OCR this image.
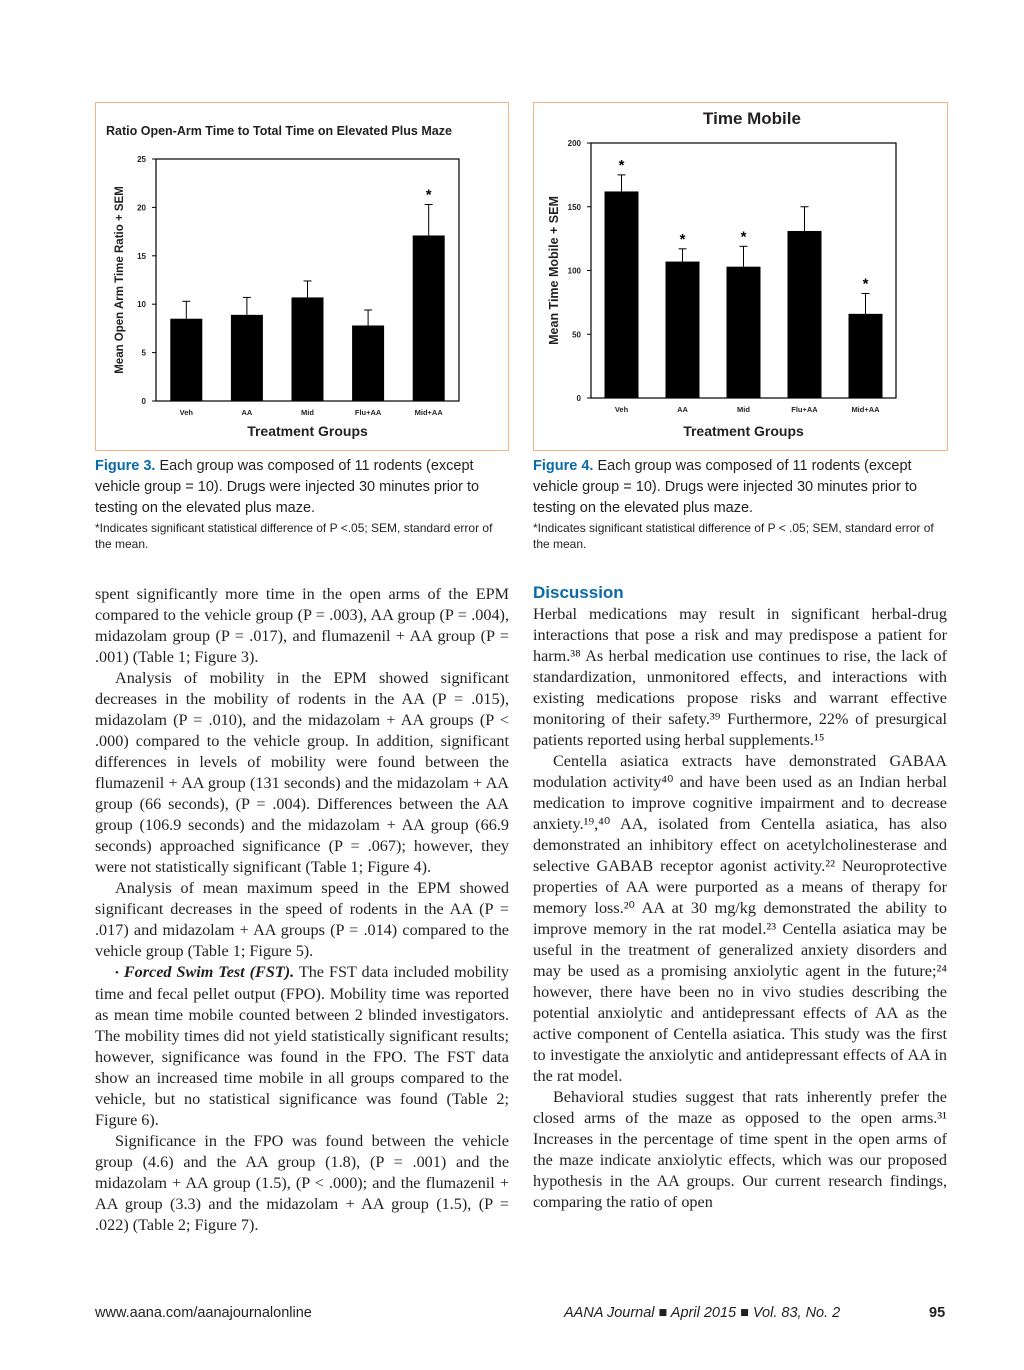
Ratio Open-Arm Time to Total Time on Elevated Plus Maze
0
5
10
15
20
25
Mean Open Arm Time Ratio + SEM
Veh	AA	Mid	Flu+AA
*
Mid+AA
Treatment Groups
Figure 3. Each group was composed of 11 rodents (except vehicle group = 10). Drugs were injected 30 minutes prior to testing on the elevated plus maze.
*Indicates significant statistical difference of P <.05; SEM, standard error of the mean.
Time Mobile
0
50
100
150
200
Mean Time Mobile + SEM
*
Veh
*
AA
*
Mid	Flu+AA
*
Mid+AA
Treatment Groups
Figure 4. Each group was composed of 11 rodents (except vehicle group = 10). Drugs were injected 30 minutes prior to testing on the elevated plus maze.
*Indicates significant statistical difference of P < .05; SEM, standard error of the mean.

spent significantly more time in the open arms of the EPM compared to the vehicle group (P = .003), AA group (P = .004), midazolam group (P = .017), and flumazenil + AA group (P = .001) (Table 1; Figure 3).

Analysis of mobility in the EPM showed significant decreases in the mobility of rodents in the AA (P = .015), midazolam (P = .010), and the midazolam + AA groups (P < .000) compared to the vehicle group. In addition, significant differences in levels of mobility were found between the flumazenil + AA group (131 seconds) and the midazolam + AA group (66 seconds), (P = .004). Differences between the AA group (106.9 seconds) and the midazolam + AA group (66.9 seconds) approached significance (P = .067); however, they were not statistically significant (Table 1; Figure 4).

Analysis of mean maximum speed in the EPM showed significant decreases in the speed of rodents in the AA (P = .017) and midazolam + AA groups (P = .014) compared to the vehicle group (Table 1; Figure 5).

• Forced Swim Test (FST). The FST data included mobility time and fecal pellet output (FPO). Mobility time was reported as mean time mobile counted between 2 blinded investigators. The mobility times did not yield statistically significant results; however, significance was found in the FPO. The FST data show an increased time mobile in all groups compared to the vehicle, but no statistical significance was found (Table 2; Figure 6).

Significance in the FPO was found between the vehicle group (4.6) and the AA group (1.8), (P = .001) and the midazolam + AA group (1.5), (P < .000); and the flumazenil + AA group (3.3) and the midazolam + AA group (1.5), (P = .022) (Table 2; Figure 7).

Discussion

Herbal medications may result in significant herbal-drug interactions that pose a risk and may predispose a patient for harm.³⁸ As herbal medication use continues to rise, the lack of standardization, unmonitored effects, and interactions with existing medications propose risks and warrant effective monitoring of their safety.³⁹ Furthermore, 22% of presurgical patients reported using herbal supplements.¹⁵

Centella asiatica extracts have demonstrated GABAA modulation activity⁴⁰ and have been used as an Indian herbal medication to improve cognitive impairment and to decrease anxiety.¹⁹,⁴⁰ AA, isolated from Centella asiatica, has also demonstrated an inhibitory effect on acetylcholinesterase and selective GABAB receptor agonist activity.²² Neuroprotective properties of AA were purported as a means of therapy for memory loss.²⁰ AA at 30 mg/kg demonstrated the ability to improve memory in the rat model.²³ Centella asiatica may be useful in the treatment of generalized anxiety disorders and may be used as a promising anxiolytic agent in the future;²⁴ however, there have been no in vivo studies describing the potential anxiolytic and antidepressant effects of AA as the active component of Centella asiatica. This study was the first to investigate the anxiolytic and antidepressant effects of AA in the rat model.

Behavioral studies suggest that rats inherently prefer the closed arms of the maze as opposed to the open arms.³¹ Increases in the percentage of time spent in the open arms of the maze indicate anxiolytic effects, which was our proposed hypothesis in the AA groups. Our current research findings, comparing the ratio of open

www.aana.com/aanajournalonline	AANA Journal ■ April 2015 ■ Vol. 83, No. 2	95
